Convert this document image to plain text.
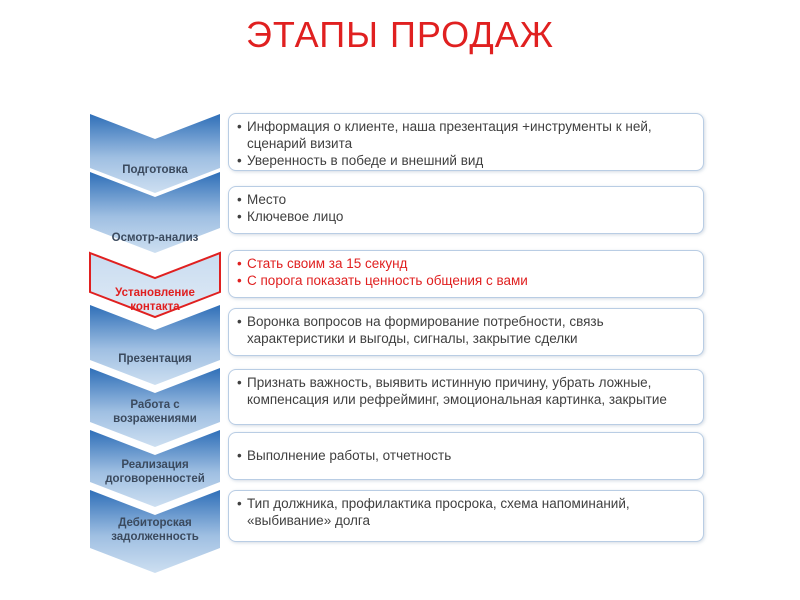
ЭТАПЫ ПРОДАЖ
Подготовка
Осмотр-анализ
Установление контакта
Презентация
Работа с возражениями
Реализация договоренностей
Дебиторская задолженность
• Информация о клиенте, наша презентация +инструменты к ней, сценарий визита
• Уверенность в победе и внешний вид
• Место
• Ключевое лицо
• Стать своим за 15 секунд
• С порога показать ценность общения с вами
• Воронка вопросов на формирование потребности, связь характеристики и выгоды, сигналы, закрытие сделки
• Признать важность, выявить истинную причину, убрать ложные, компенсация или рефрейминг, эмоциональная картинка, закрытие
• Выполнение работы, отчетность
• Тип должника, профилактика просрока, схема напоминаний, «выбивание» долга
